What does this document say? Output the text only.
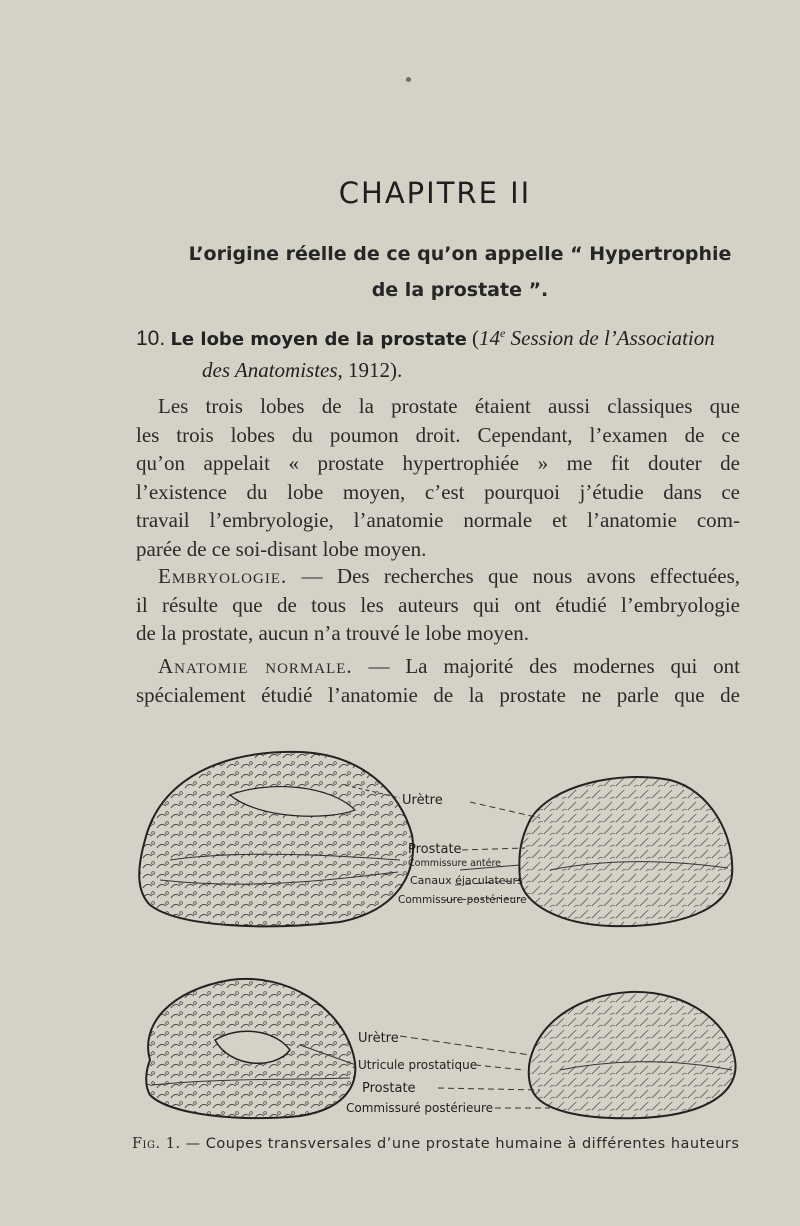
CHAPITRE II
L’origine réelle de ce qu’on appelle “ Hypertrophie
de la prostate ”.
10. Le lobe moyen de la prostate (14e Session de l’Association
des Anatomistes, 1912).
Les trois lobes de la prostate étaient aussi classiques que
les trois lobes du poumon droit. Cependant, l’examen de ce
qu’on appelait « prostate hypertrophiée » me fit douter de
l’existence du lobe moyen, c’est pourquoi j’étudie dans ce
travail l’embryologie, l’anatomie normale et l’anatomie com-
parée de ce soi-disant lobe moyen.
Embryologie. — Des recherches que nous avons effectuées,
il résulte que de tous les auteurs qui ont étudié l’embryologie
de la prostate, aucun n’a trouvé le lobe moyen.
Anatomie normale. — La majorité des modernes qui ont
spécialement étudié l’anatomie de la prostate ne parle que de
Urètre
Prostate
Commissure antére
Canaux éjaculateurs
Commissure postérieure
Urètre
Utricule prostatique
Prostate
Commissuré postérieure
Fig. 1. — Coupes transversales d’une prostate humaine à différentes hauteurs
